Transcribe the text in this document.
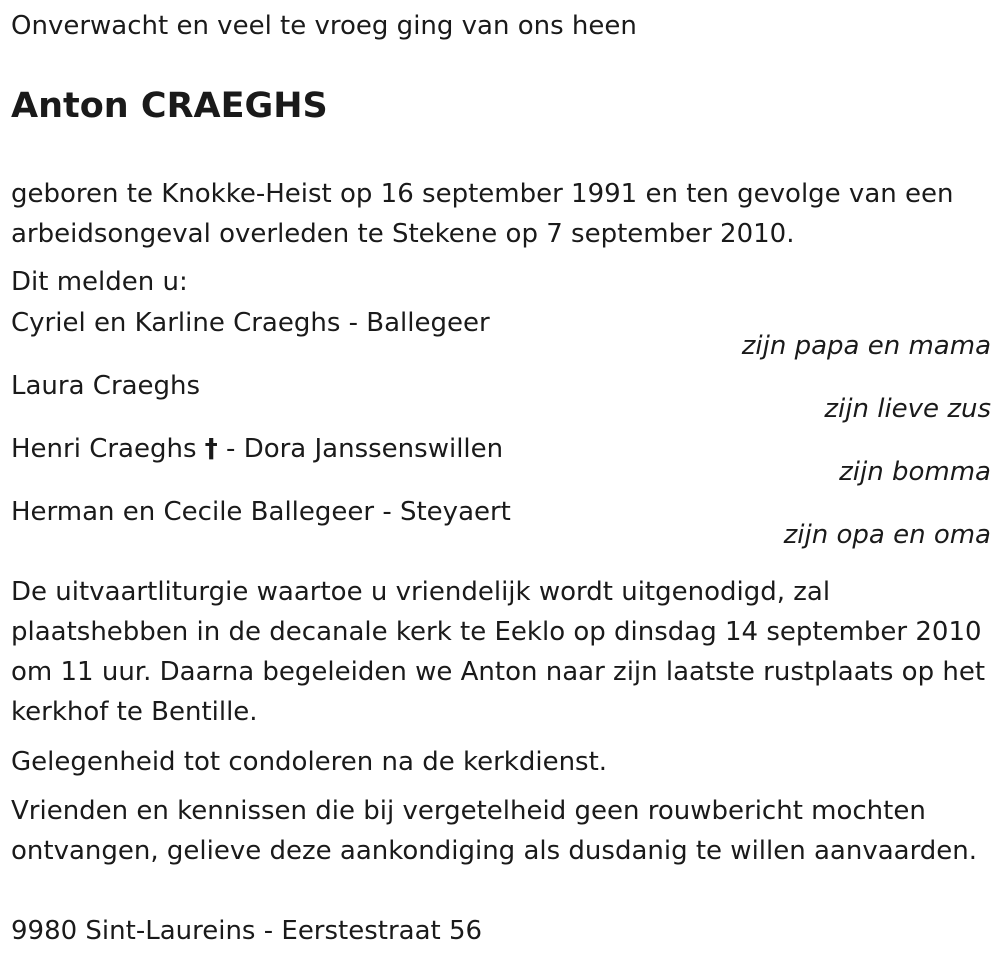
Onverwacht en veel te vroeg ging van ons heen
Anton CRAEGHS

geboren te Knokke-Heist op 16 september 1991 en ten gevolge van een arbeidsongeval overleden te Stekene op 7 september 2010.

Dit melden u:
Cyriel en Karline Craeghs - Ballegeer
zijn papa en mama
Laura Craeghs
zijn lieve zus
Henri Craeghs † - Dora Janssenswillen
zijn bomma
Herman en Cecile Ballegeer - Steyaert
zijn opa en oma

De uitvaartliturgie waartoe u vriendelijk wordt uitgenodigd, zal plaatshebben in de decanale kerk te Eeklo op dinsdag 14 september 2010 om 11 uur. Daarna begeleiden we Anton naar zijn laatste rustplaats op het kerkhof te Bentille.

Gelegenheid tot condoleren na de kerkdienst.

Vrienden en kennissen die bij vergetelheid geen rouwbericht mochten ontvangen, gelieve deze aankondiging als dusdanig te willen aanvaarden.

9980 Sint-Laureins - Eerstestraat 56
